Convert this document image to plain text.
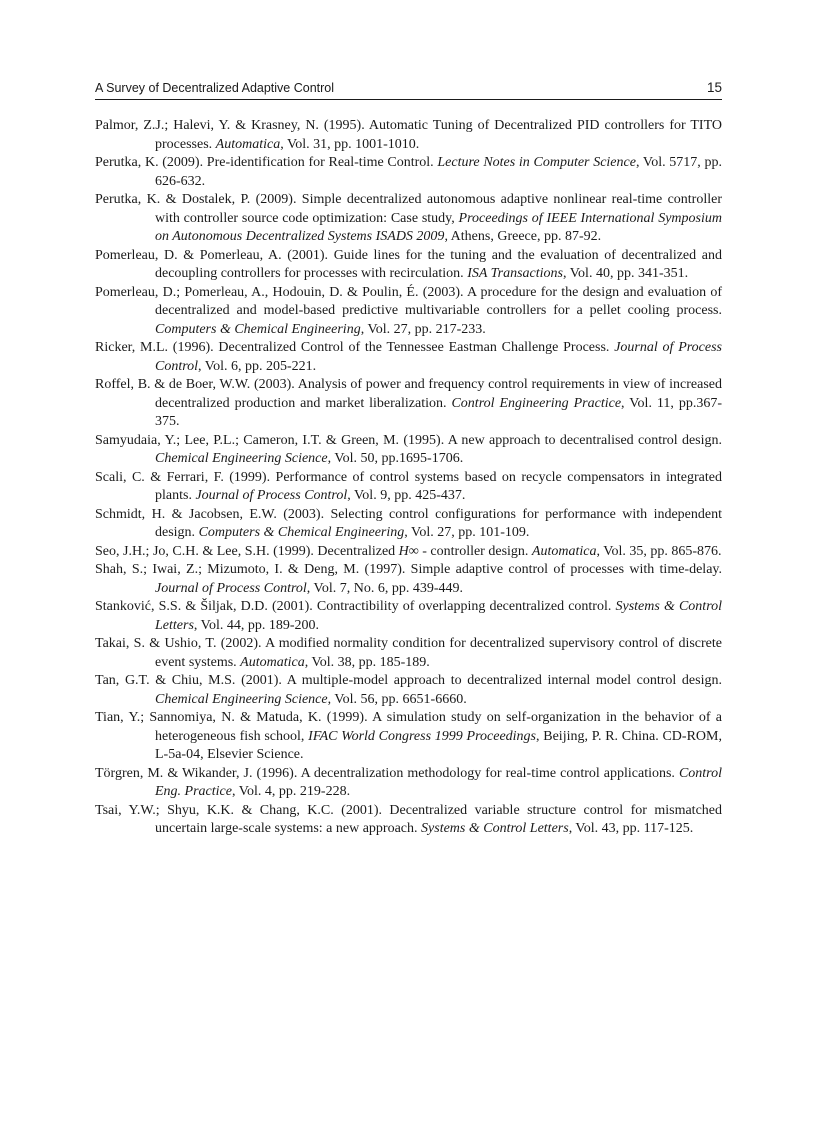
A Survey of Decentralized Adaptive Control	15

Palmor, Z.J.; Halevi, Y. & Krasney, N. (1995). Automatic Tuning of Decentralized PID controllers for TITO processes. Automatica, Vol. 31, pp. 1001-1010.

Perutka, K. (2009). Pre-identification for Real-time Control. Lecture Notes in Computer Science, Vol. 5717, pp. 626-632.

Perutka, K. & Dostalek, P. (2009). Simple decentralized autonomous adaptive nonlinear real-time controller with controller source code optimization: Case study, Proceedings of IEEE International Symposium on Autonomous Decentralized Systems ISADS 2009, Athens, Greece, pp. 87-92.

Pomerleau, D. & Pomerleau, A. (2001). Guide lines for the tuning and the evaluation of decentralized and decoupling controllers for processes with recirculation. ISA Transactions, Vol. 40, pp. 341-351.

Pomerleau, D.; Pomerleau, A., Hodouin, D. & Poulin, É. (2003). A procedure for the design and evaluation of decentralized and model-based predictive multivariable controllers for a pellet cooling process. Computers & Chemical Engineering, Vol. 27, pp. 217-233.

Ricker, M.L. (1996). Decentralized Control of the Tennessee Eastman Challenge Process. Journal of Process Control, Vol. 6, pp. 205-221.

Roffel, B. & de Boer, W.W. (2003). Analysis of power and frequency control requirements in view of increased decentralized production and market liberalization. Control Engineering Practice, Vol. 11, pp.367-375.

Samyudaia, Y.; Lee, P.L.; Cameron, I.T. & Green, M. (1995). A new approach to decentralised control design. Chemical Engineering Science, Vol. 50, pp.1695-1706.

Scali, C. & Ferrari, F. (1999). Performance of control systems based on recycle compensators in integrated plants. Journal of Process Control, Vol. 9, pp. 425-437.

Schmidt, H. & Jacobsen, E.W. (2003). Selecting control configurations for performance with independent design. Computers & Chemical Engineering, Vol. 27, pp. 101-109.

Seo, J.H.; Jo, C.H. & Lee, S.H. (1999). Decentralized H∞ - controller design. Automatica, Vol. 35, pp. 865-876.

Shah, S.; Iwai, Z.; Mizumoto, I. & Deng, M. (1997). Simple adaptive control of processes with time-delay. Journal of Process Control, Vol. 7, No. 6, pp. 439-449.

Stanković, S.S. & Šiljak, D.D. (2001). Contractibility of overlapping decentralized control. Systems & Control Letters, Vol. 44, pp. 189-200.

Takai, S. & Ushio, T. (2002). A modified normality condition for decentralized supervisory control of discrete event systems. Automatica, Vol. 38, pp. 185-189.

Tan, G.T. & Chiu, M.S. (2001). A multiple-model approach to decentralized internal model control design. Chemical Engineering Science, Vol. 56, pp. 6651-6660.

Tian, Y.; Sannomiya, N. & Matuda, K. (1999). A simulation study on self-organization in the behavior of a heterogeneous fish school, IFAC World Congress 1999 Proceedings, Beijing, P. R. China. CD-ROM, L-5a-04, Elsevier Science.

Törgren, M. & Wikander, J. (1996). A decentralization methodology for real-time control applications. Control Eng. Practice, Vol. 4, pp. 219-228.

Tsai, Y.W.; Shyu, K.K. & Chang, K.C. (2001). Decentralized variable structure control for mismatched uncertain large-scale systems: a new approach. Systems & Control Letters, Vol. 43, pp. 117-125.
